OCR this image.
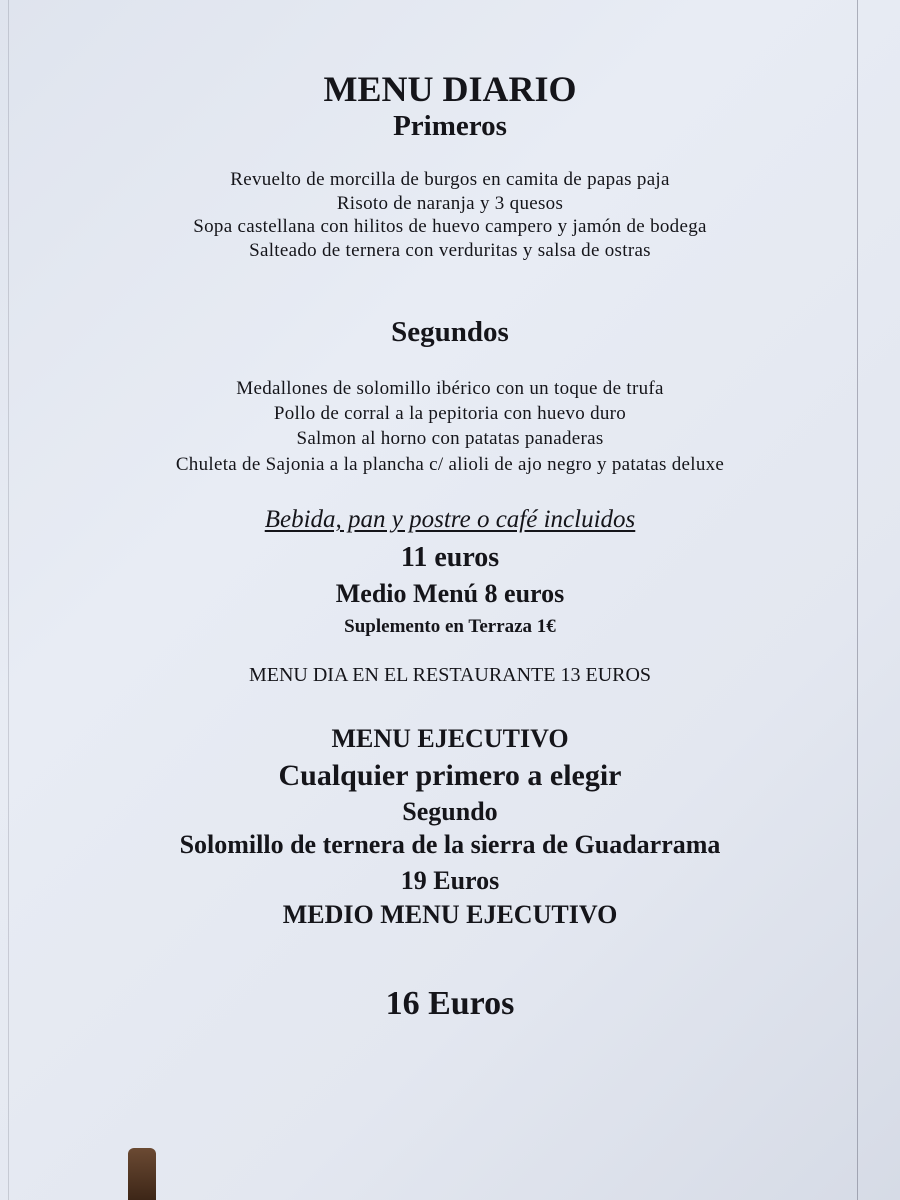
MENU DIARIO
Primeros
Revuelto de morcilla de burgos en camita de papas paja
Risoto de naranja y 3 quesos
Sopa castellana con hilitos de huevo campero y jamón de bodega
Salteado de ternera con verduritas y salsa de ostras
Segundos
Medallones de solomillo ibérico con un toque de trufa
Pollo de corral a la pepitoria con huevo duro
Salmon al horno con patatas panaderas
Chuleta de Sajonia a la plancha c/ alioli de ajo negro y patatas deluxe
Bebida, pan y postre o café incluidos
11 euros
Medio Menú 8 euros
Suplemento en Terraza 1€
MENU DIA EN EL RESTAURANTE 13 EUROS
MENU EJECUTIVO
Cualquier primero a elegir
Segundo
Solomillo de ternera de la sierra de Guadarrama
19 Euros
MEDIO MENU EJECUTIVO
16 Euros
